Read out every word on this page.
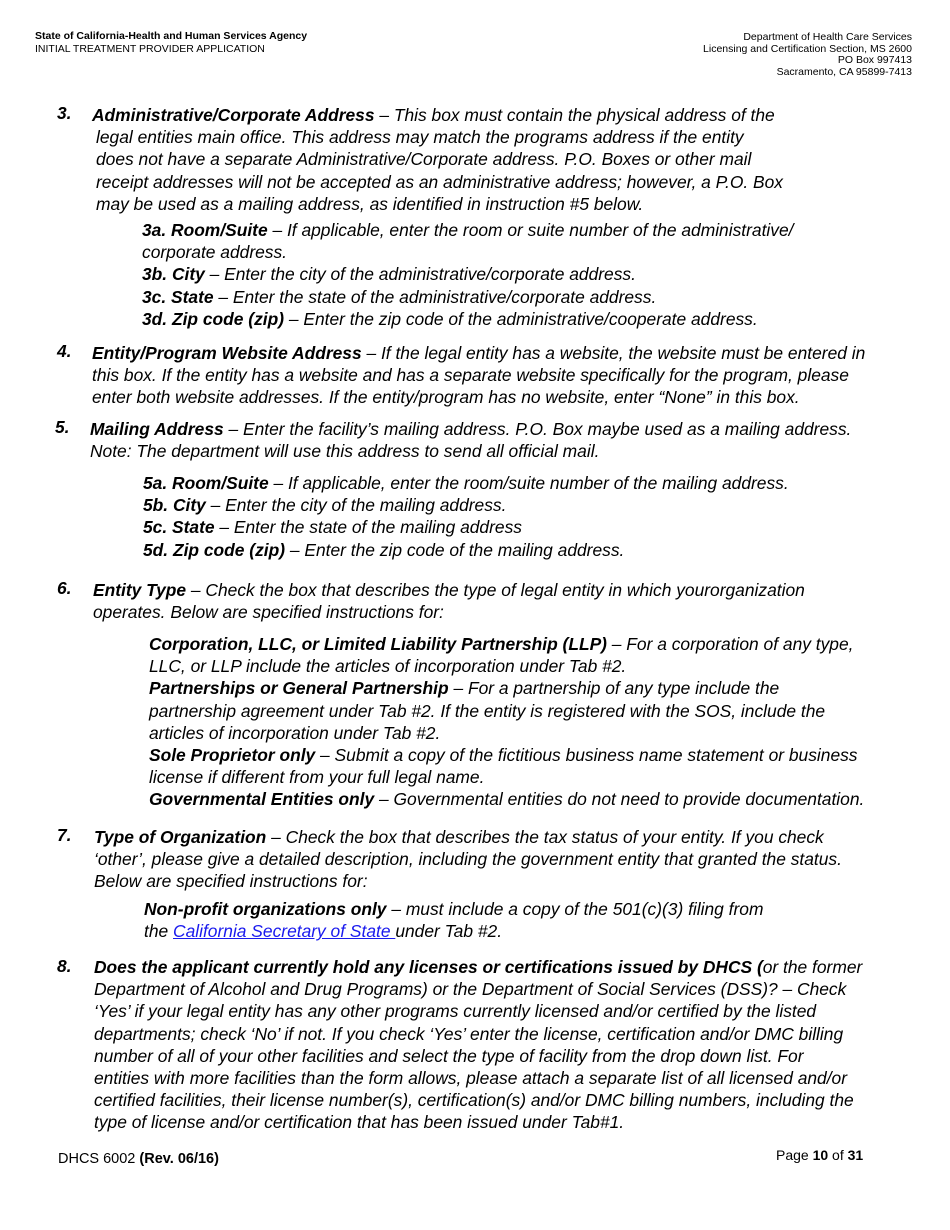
State of California-Health and Human Services Agency
INITIAL TREATMENT PROVIDER APPLICATION
Department of Health Care Services
Licensing and Certification Section, MS 2600
PO Box 997413
Sacramento, CA 95899-7413
3. Administrative/Corporate Address – This box must contain the physical address of the
legal entities main office. This address may match the programs address if the entity
does not have a separate Administrative/Corporate address. P.O. Boxes or other mail
receipt addresses will not be accepted as an administrative address; however, a P.O. Box
may be used as a mailing address, as identified in instruction #5 below.
3a. Room/Suite – If applicable, enter the room or suite number of the administrative/
corporate address.
3b. City – Enter the city of the administrative/corporate address.
3c. State – Enter the state of the administrative/corporate address.
3d. Zip code (zip) – Enter the zip code of the administrative/cooperate address.
4. Entity/Program Website Address – If the legal entity has a website, the website must be entered in
this box. If the entity has a website and has a separate website specifically for the program, please
enter both website addresses. If the entity/program has no website, enter “None” in this box.
5. Mailing Address – Enter the facility’s mailing address. P.O. Box maybe used as a mailing address.
Note: The department will use this address to send all official mail.
5a. Room/Suite – If applicable, enter the room/suite number of the mailing address.
5b. City – Enter the city of the mailing address.
5c. State – Enter the state of the mailing address
5d. Zip code (zip) – Enter the zip code of the mailing address.
6. Entity Type – Check the box that describes the type of legal entity in which yourorganization
operates. Below are specified instructions for:
Corporation, LLC, or Limited Liability Partnership (LLP) – For a corporation of any type,
LLC, or LLP include the articles of incorporation under Tab #2.
Partnerships or General Partnership – For a partnership of any type include the
partnership agreement under Tab #2. If the entity is registered with the SOS, include the
articles of incorporation under Tab #2.
Sole Proprietor only – Submit a copy of the fictitious business name statement or business
license if different from your full legal name.
Governmental Entities only – Governmental entities do not need to provide documentation.
7. Type of Organization – Check the box that describes the tax status of your entity. If you check
‘other’, please give a detailed description, including the government entity that granted the status.
Below are specified instructions for:
Non-profit organizations only – must include a copy of the 501(c)(3) filing from
the California Secretary of State under Tab #2.
8. Does the applicant currently hold any licenses or certifications issued by DHCS (or the former
Department of Alcohol and Drug Programs) or the Department of Social Services (DSS)? – Check
‘Yes’ if your legal entity has any other programs currently licensed and/or certified by the listed
departments; check ‘No’ if not. If you check ‘Yes’ enter the license, certification and/or DMC billing
number of all of your other facilities and select the type of facility from the drop down list. For
entities with more facilities than the form allows, please attach a separate list of all licensed and/or
certified facilities, their license number(s), certification(s) and/or DMC billing numbers, including the
type of license and/or certification that has been issued under Tab#1.
DHCS 6002 (Rev. 06/16)	Page 10 of 31
